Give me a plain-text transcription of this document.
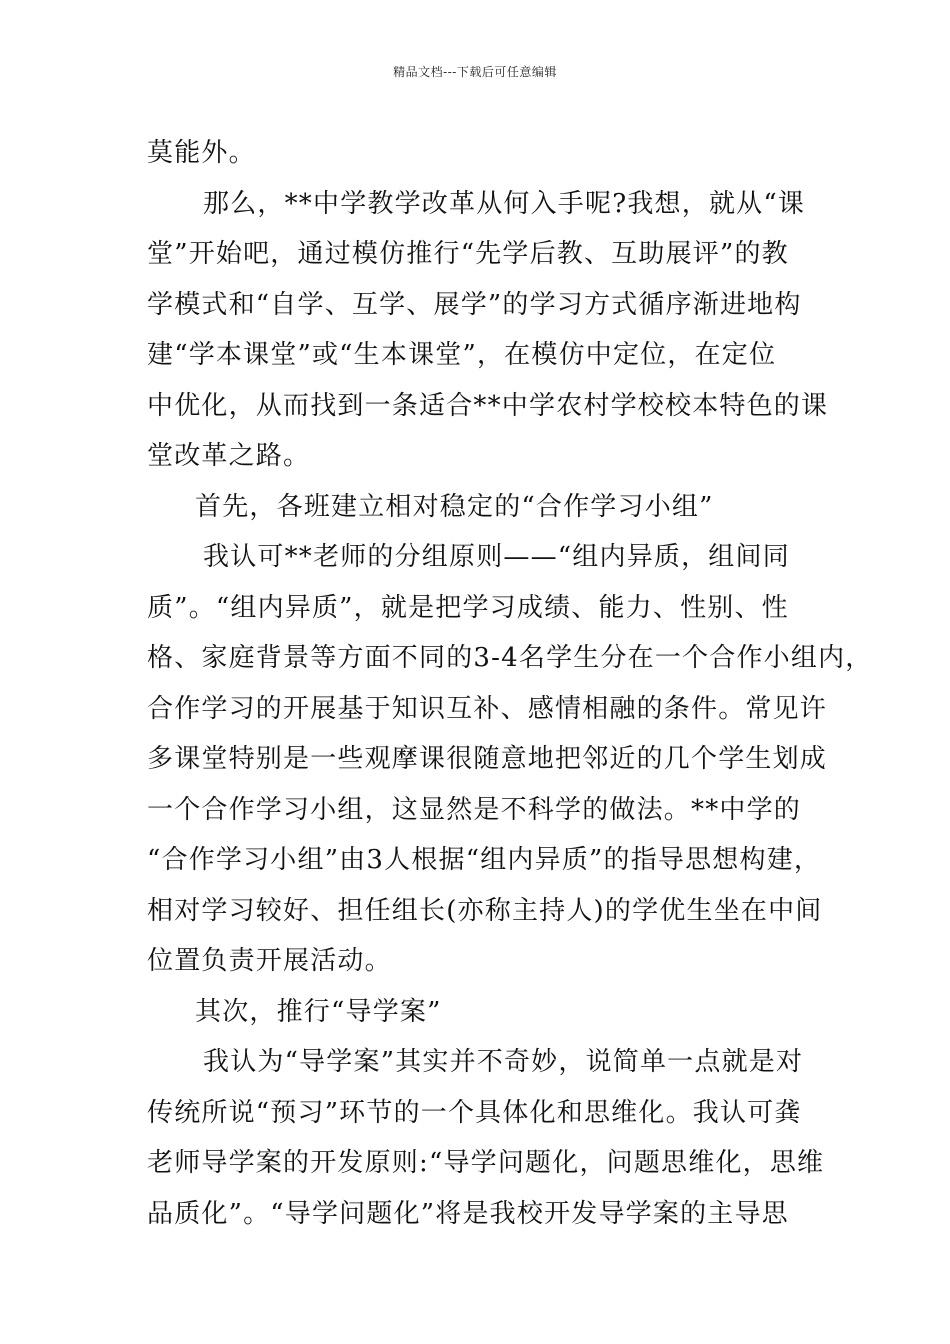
精品文档---下载后可任意编辑
莫能外。
那么，**中学教学改革从何入手呢?我想，就从“课
堂”开始吧，通过模仿推行“先学后教、互助展评”的教
学模式和“自学、互学、展学”的学习方式循序渐进地构
建“学本课堂”或“生本课堂”，在模仿中定位，在定位
中优化，从而找到一条适合**中学农村学校校本特色的课
堂改革之路。
首先，各班建立相对稳定的“合作学习小组”
我认可**老师的分组原则——“组内异质，组间同
质”。“组内异质”，就是把学习成绩、能力、性别、性
格、家庭背景等方面不同的3-4名学生分在一个合作小组内，
合作学习的开展基于知识互补、感情相融的条件。常见许
多课堂特别是一些观摩课很随意地把邻近的几个学生划成
一个合作学习小组，这显然是不科学的做法。**中学的
“合作学习小组”由3人根据“组内异质”的指导思想构建，
相对学习较好、担任组长(亦称主持人)的学优生坐在中间
位置负责开展活动。
其次，推行“导学案”
我认为“导学案”其实并不奇妙，说简单一点就是对
传统所说“预习”环节的一个具体化和思维化。我认可龚
老师导学案的开发原则:“导学问题化，问题思维化，思维
品质化”。“导学问题化”将是我校开发导学案的主导思
